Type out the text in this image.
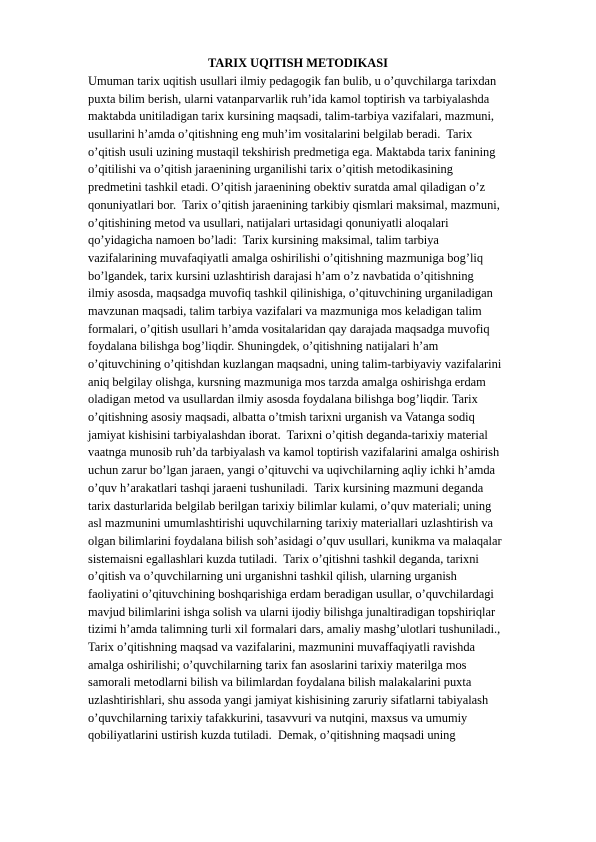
TARIX UQITISH METODIKASI
Umuman tarix uqitish usullari ilmiy pedagogik fan bulib, u o’quvchilarga tarixdan
puxta bilim berish, ularni vatanparvarlik ruh’ida kamol toptirish va tarbiyalashda
maktabda unitiladigan tarix kursining maqsadi, talim-tarbiya vazifalari, mazmuni,
usullarini h’amda o’qitishning eng muh’im vositalarini belgilab beradi.  Tarix
o’qitish usuli uzining mustaqil tekshirish predmetiga ega. Maktabda tarix fanining
o’qitilishi va o’qitish jaraenining urganilishi tarix o’qitish metodikasining
predmetini tashkil etadi. O’qitish jaraenining obektiv suratda amal qiladigan o’z
qonuniyatlari bor.  Tarix o’qitish jaraenining tarkibiy qismlari maksimal, mazmuni,
o’qitishining metod va usullari, natijalari urtasidagi qonuniyatli aloqalari
qo’yidagicha namoen bo’ladi:  Tarix kursining maksimal, talim tarbiya
vazifalarining muvafaqiyatli amalga oshirilishi o’qitishning mazmuniga bog’liq
bo’lgandek, tarix kursini uzlashtirish darajasi h’am o’z navbatida o’qitishning
ilmiy asosda, maqsadga muvofiq tashkil qilinishiga, o’qituvchining urganiladigan
mavzunan maqsadi, talim tarbiya vazifalari va mazmuniga mos keladigan talim
formalari, o’qitish usullari h’amda vositalaridan qay darajada maqsadga muvofiq
foydalana bilishga bog’liqdir. Shuningdek, o’qitishning natijalari h’am
o’qituvchining o’qitishdan kuzlangan maqsadni, uning talim-tarbiyaviy vazifalarini
aniq belgilay olishga, kursning mazmuniga mos tarzda amalga oshirishga erdam
oladigan metod va usullardan ilmiy asosda foydalana bilishga bog’liqdir. Tarix
o’qitishning asosiy maqsadi, albatta o’tmish tarixni urganish va Vatanga sodiq
jamiyat kishisini tarbiyalashdan iborat.  Tarixni o’qitish deganda-tarixiy material
vaatnga munosib ruh’da tarbiyalash va kamol toptirish vazifalarini amalga oshirish
uchun zarur bo’lgan jaraen, yangi o’qituvchi va uqivchilarning aqliy ichki h’amda
o’quv h’arakatlari tashqi jaraeni tushuniladi.  Tarix kursining mazmuni deganda
tarix dasturlarida belgilab berilgan tarixiy bilimlar kulami, o’quv materiali; uning
asl mazmunini umumlashtirishi uquvchilarning tarixiy materiallari uzlashtirish va
olgan bilimlarini foydalana bilish soh’asidagi o’quv usullari, kunikma va malaqalar
sistemaisni egallashlari kuzda tutiladi.  Tarix o’qitishni tashkil deganda, tarixni
o’qitish va o’quvchilarning uni urganishni tashkil qilish, ularning urganish
faoliyatini o’qituvchining boshqarishiga erdam beradigan usullar, o’quvchilardagi
mavjud bilimlarini ishga solish va ularni ijodiy bilishga junaltiradigan topshiriqlar
tizimi h’amda talimning turli xil formalari dars, amaliy mashg’ulotlari tushuniladi.,
Tarix o’qitishning maqsad va vazifalarini, mazmunini muvaffaqiyatli ravishda
amalga oshirilishi; o’quvchilarning tarix fan asoslarini tarixiy materilga mos
samorali metodlarni bilish va bilimlardan foydalana bilish malakalarini puxta
uzlashtirishlari, shu assoda yangi jamiyat kishisining zaruriy sifatlarni tabiyalash
o’quvchilarning tarixiy tafakkurini, tasavvuri va nutqini, maxsus va umumiy
qobiliyatlarini ustirish kuzda tutiladi.  Demak, o’qitishning maqsadi uning
